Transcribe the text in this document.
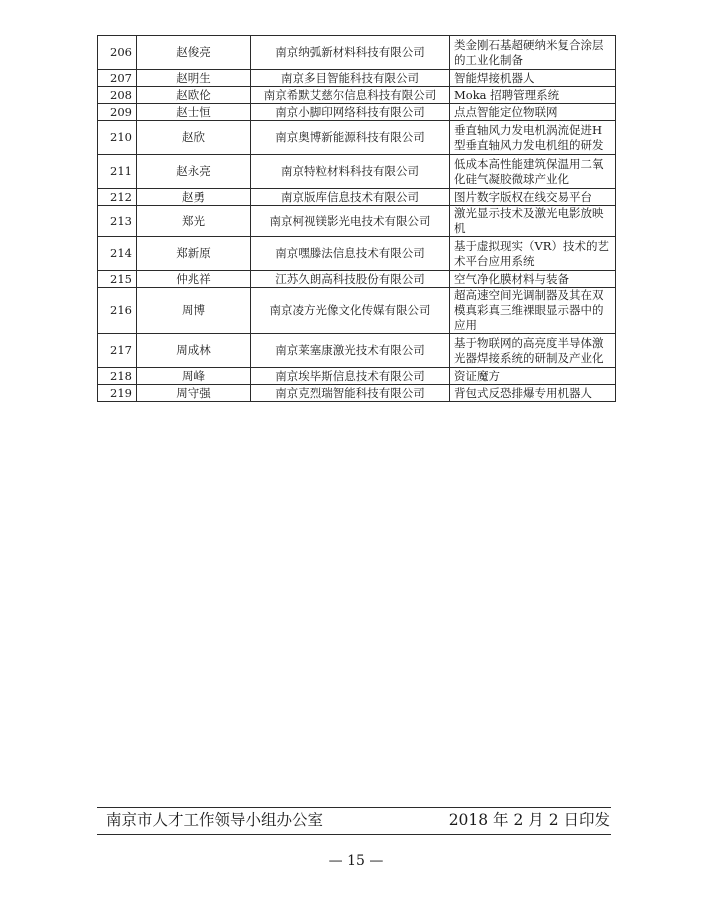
206	赵俊亮	南京纳弧新材料科技有限公司	类金刚石基超硬纳米复合涂层的工业化制备
207	赵明生	南京多目智能科技有限公司	智能焊接机器人
208	赵欧伦	南京希默艾慈尔信息科技有限公司	Moka 招聘管理系统
209	赵士恒	南京小脚印网络科技有限公司	点点智能定位物联网
210	赵欣	南京奥博新能源科技有限公司	垂直轴风力发电机涡流促进H型垂直轴风力发电机组的研发
211	赵永亮	南京特粒材料科技有限公司	低成本高性能建筑保温用二氧化硅气凝胶微球产业化
212	赵勇	南京版库信息技术有限公司	图片数字版权在线交易平台
213	郑光	南京柯视镁影光电技术有限公司	激光显示技术及激光电影放映机
214	郑新原	南京嘿滕法信息技术有限公司	基于虚拟现实（VR）技术的艺术平台应用系统
215	仲兆祥	江苏久朗高科技股份有限公司	空气净化膜材料与装备
216	周博	南京凌方光像文化传媒有限公司	超高速空间光调制器及其在双模真彩真三维裸眼显示器中的应用
217	周成林	南京莱塞康激光技术有限公司	基于物联网的高亮度半导体激光器焊接系统的研制及产业化
218	周峰	南京埃毕斯信息技术有限公司	资证魔方
219	周守强	南京克烈瑞智能科技有限公司	背包式反恐排爆专用机器人
南京市人才工作领导小组办公室	2018 年 2 月 2 日印发
— 15 —
